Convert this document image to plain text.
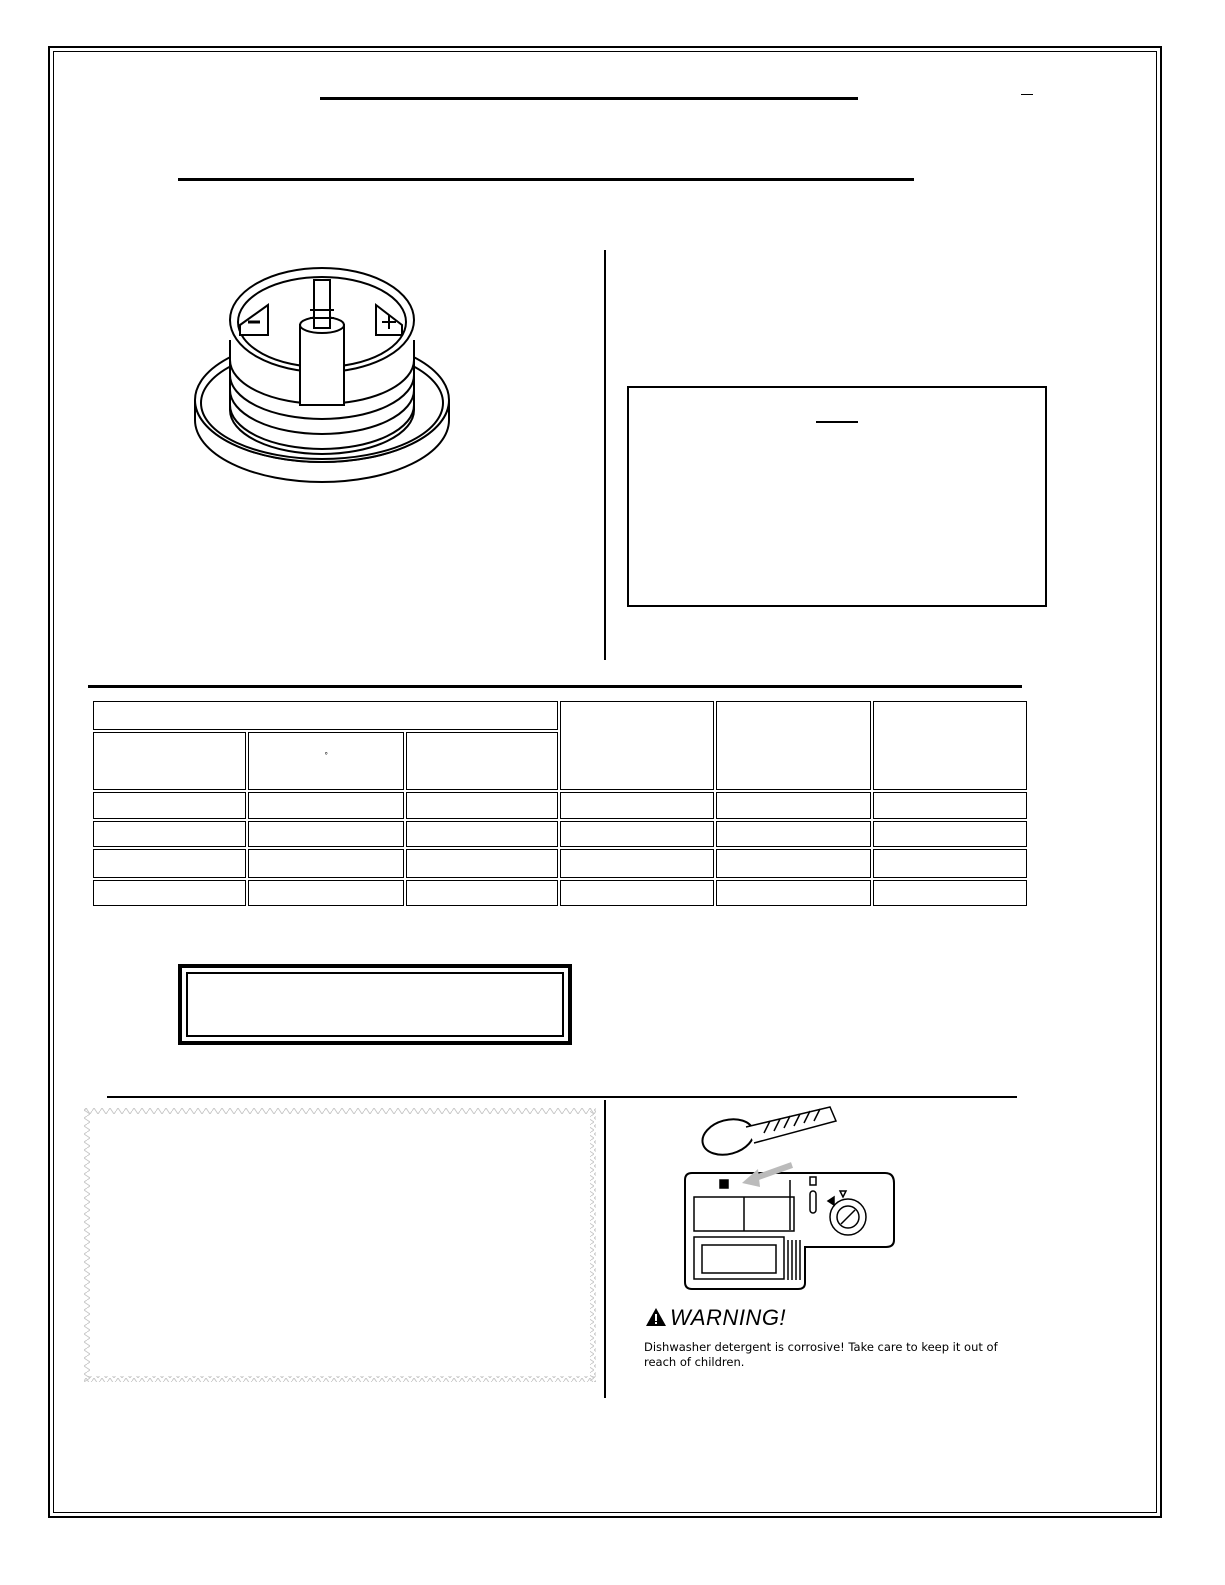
	°				

WARNING!
Dishwasher detergent is corrosive! Take care to keep it out of reach of children.
